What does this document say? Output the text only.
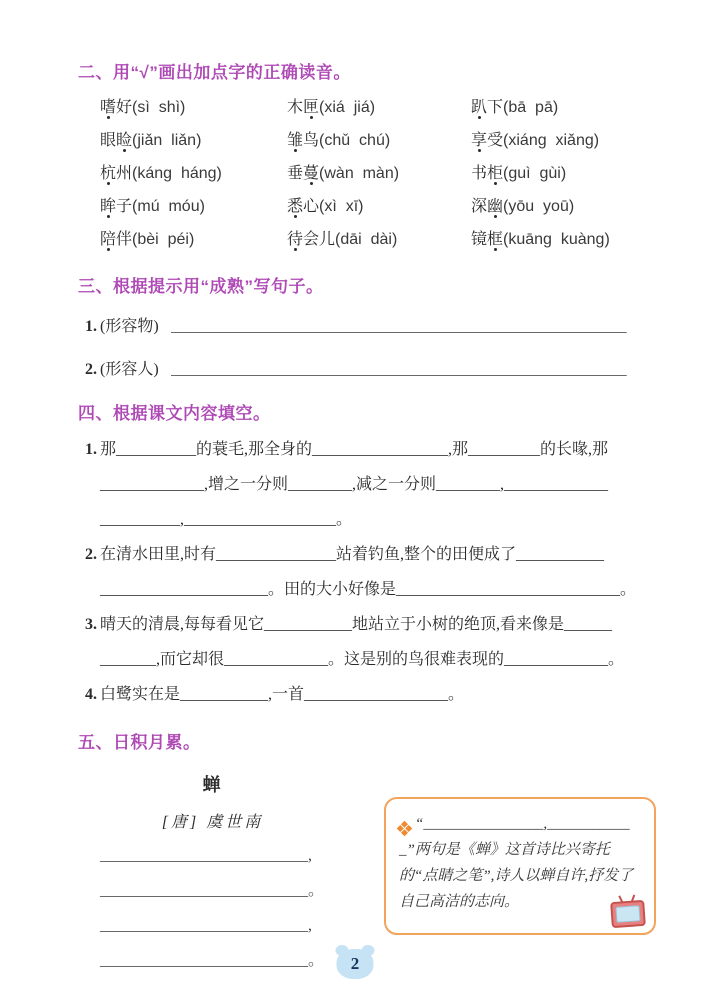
二、用“√”画出加点字的正确读音。
嗜好(sì  shì)	木匣(xiá  jiá)	趴下(bā  pā)
眼睑(jiǎn  liǎn)	雏鸟(chǔ  chú)	享受(xiáng  xiǎng)
杭州(káng  háng)	垂蔓(wàn  màn)	书柜(guì  gùi)
眸子(mú  móu)	悉心(xì  xī)	深幽(yōu  yoū)
陪伴(bèi  péi)	待会儿(dāi  dài)	镜框(kuāng  kuàng)
三、根据提示用“成熟”写句子。
1. (形容物) _________________________________________________________
2. (形容人) _________________________________________________________
四、根据课文内容填空。
1. 那__________的蓑毛,那全身的_________________,那_________的长喙,那
_____________,增之一分则________,减之一分则________,_____________
__________,___________________。
2. 在清水田里,时有_______________站着钓鱼,整个的田便成了___________
_____________________。田的大小好像是____________________________。
3. 晴天的清晨,每每看见它___________地站立于小树的绝顶,看来像是______
_______,而它却很_____________。这是别的鸟很难表现的_____________。
4. 白鹭实在是___________,一首__________________。
五、日积月累。
蝉
[唐] 虞世南
__________________________,
__________________________。
__________________________,
__________________________。
“________________,____________”两句是《蝉》这首诗比兴寄托的“点睛之笔”,诗人以蝉自许,抒发了自己高洁的志向。
2
